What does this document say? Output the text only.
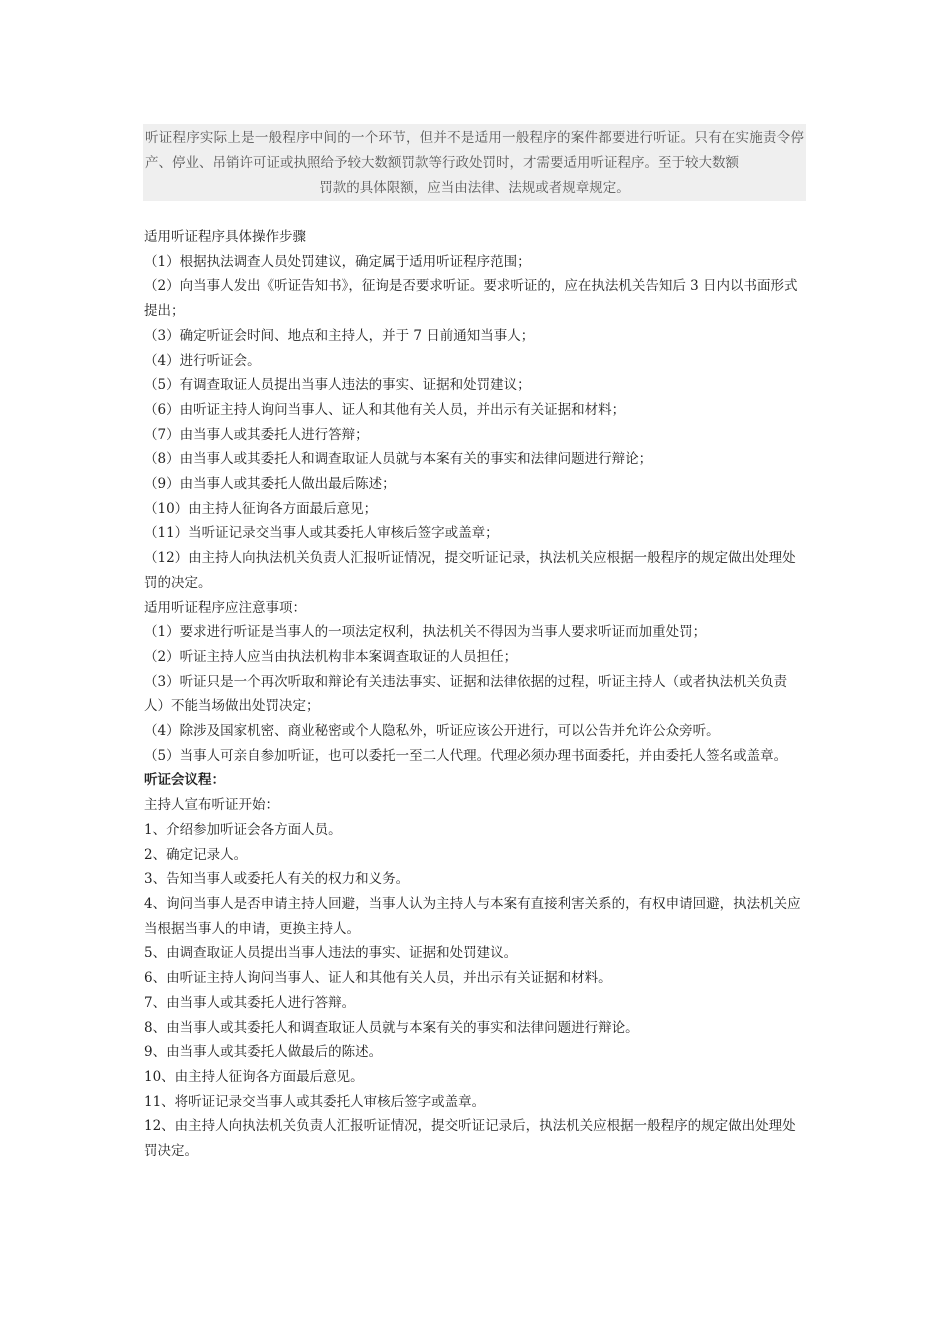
听证程序实际上是一般程序中间的一个环节，但并不是适用一般程序的案件都要进行听证。只有在实施责令停产、停业、吊销许可证或执照给予较大数额罚款等行政处罚时，才需要适用听证程序。至于较大数额
罚款的具体限额，应当由法律、法规或者规章规定。

适用听证程序具体操作步骤

（1）根据执法调查人员处罚建议，确定属于适用听证程序范围；

（2）向当事人发出《听证告知书》，征询是否要求听证。要求听证的，应在执法机关告知后 3 日内以书面形式提出；

（3）确定听证会时间、地点和主持人，并于 7 日前通知当事人；

（4）进行听证会。

（5）有调查取证人员提出当事人违法的事实、证据和处罚建议；

（6）由听证主持人询问当事人、证人和其他有关人员，并出示有关证据和材料；

（7）由当事人或其委托人进行答辩；

（8）由当事人或其委托人和调查取证人员就与本案有关的事实和法律问题进行辩论；

（9）由当事人或其委托人做出最后陈述；

（10）由主持人征询各方面最后意见；

（11）当听证记录交当事人或其委托人审核后签字或盖章；

（12）由主持人向执法机关负责人汇报听证情况，提交听证记录，执法机关应根据一般程序的规定做出处理处罚的决定。

适用听证程序应注意事项：

（1）要求进行听证是当事人的一项法定权利，执法机关不得因为当事人要求听证而加重处罚；

（2）听证主持人应当由执法机构非本案调查取证的人员担任；

（3）听证只是一个再次听取和辩论有关违法事实、证据和法律依据的过程，听证主持人（或者执法机关负责人）不能当场做出处罚决定；

（4）除涉及国家机密、商业秘密或个人隐私外，听证应该公开进行，可以公告并允许公众旁听。

（5）当事人可亲自参加听证，也可以委托一至二人代理。代理必须办理书面委托，并由委托人签名或盖章。

听证会议程：

主持人宣布听证开始：

1、介绍参加听证会各方面人员。

2、确定记录人。

3、告知当事人或委托人有关的权力和义务。

4、询问当事人是否申请主持人回避，当事人认为主持人与本案有直接利害关系的，有权申请回避，执法机关应当根据当事人的申请，更换主持人。

5、由调查取证人员提出当事人违法的事实、证据和处罚建议。

6、由听证主持人询问当事人、证人和其他有关人员，并出示有关证据和材料。

7、由当事人或其委托人进行答辩。

8、由当事人或其委托人和调查取证人员就与本案有关的事实和法律问题进行辩论。

9、由当事人或其委托人做最后的陈述。

10、由主持人征询各方面最后意见。

11、将听证记录交当事人或其委托人审核后签字或盖章。

12、由主持人向执法机关负责人汇报听证情况，提交听证记录后，执法机关应根据一般程序的规定做出处理处罚决定。
